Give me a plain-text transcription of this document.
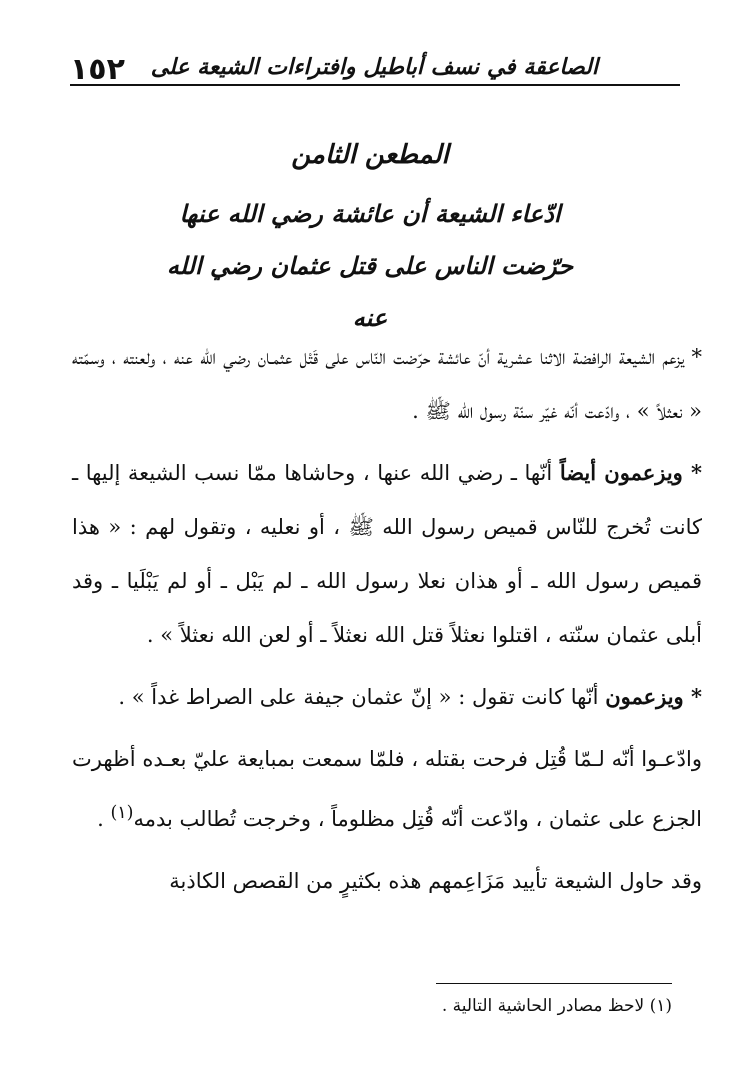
الصاعقة في نسف أباطيل وافتراءات الشيعة على
١٥٢
المطعن الثامن
ادّعاء الشيعة أن عائشة رضي الله عنها
حرّضت الناس على قتل عثمان رضي الله عنه

* يزعم الشيعة الرافضة الاثنا عشرية أنّ عائشة حرّضت النّاس على قَتْل عثمـان رضي الله عنه ، ولعنته ، وسمّته « نعثلاً » ، وادّعت أنّه غيّر سنّة رسول الله ﷺ .

* ويزعمون أيضاً أنّها ـ رضي الله عنها ، وحاشاها ممّا نسب الشيعة إليها ـ كانت تُخرج للنّاس قميص رسول الله ﷺ ، أو نعليه ، وتقول لهم : « هذا قميص رسول الله ـ أو هذان نعلا رسول الله ـ لم يَبْل ـ أو لم يَبْلَيا ـ وقد أبلى عثمان سنّته ، اقتلوا نعثلاً قتل الله نعثلاً ـ أو لعن الله نعثلاً » .

* ويزعمون أنّها كانت تقول : « إنّ عثمان جيفة على الصراط غداً » .

وادّعـوا أنّه لـمّا قُتِل فرحت بقتله ، فلمّا سمعت بمبايعة عليّ بعـده أظهرت الجزع على عثمان ، وادّعت أنّه قُتِل مظلوماً ، وخرجت تُطالب بدمه$^{(١)}$ .

وقد حاول الشيعة تأييد مَزَاعِمهم هذه بكثيرٍ من القصص الكاذبة

(١) لاحظ مصادر الحاشية التالية .
